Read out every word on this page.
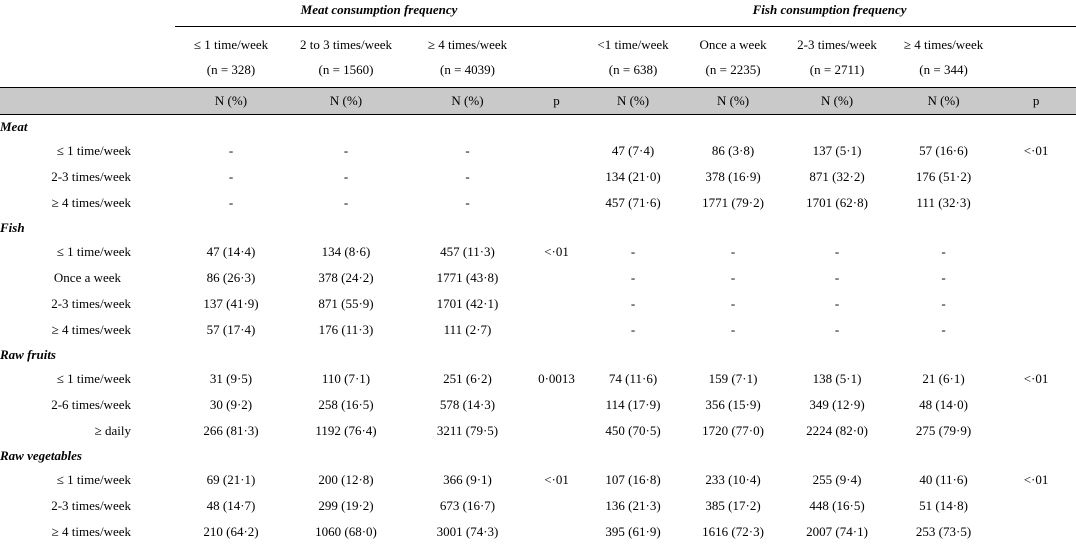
	Meat consumption frequency				Fish consumption frequency				
	≤ 1 time/week	2 to 3 times/week	≥ 4 times/week		<1 time/week	Once a week	2-3 times/week	≥ 4 times/week	
	(n = 328)	(n = 1560)	(n = 4039)		(n = 638)	(n = 2235)	(n = 2711)	(n = 344)	
	N (%)	N (%)	N (%)	p	N (%)	N (%)	N (%)	N (%)	p
Meat									
≤ 1 time/week	-	-	-		47 (7·4)	86 (3·8)	137 (5·1)	57 (16·6)	<·01
2-3 times/week	-	-	-		134 (21·0)	378 (16·9)	871 (32·2)	176 (51·2)	
≥ 4 times/week	-	-	-		457 (71·6)	1771 (79·2)	1701 (62·8)	111 (32·3)	
Fish									
≤ 1 time/week	47 (14·4)	134 (8·6)	457 (11·3)	<·01	-	-	-	-	
Once a week	86 (26·3)	378 (24·2)	1771 (43·8)		-	-	-	-	
2-3 times/week	137 (41·9)	871 (55·9)	1701 (42·1)		-	-	-	-	
≥ 4 times/week	57 (17·4)	176 (11·3)	111 (2·7)		-	-	-	-	
Raw fruits									
≤ 1 time/week	31 (9·5)	110 (7·1)	251 (6·2)	0·0013	74 (11·6)	159 (7·1)	138 (5·1)	21 (6·1)	<·01
2-6 times/week	30 (9·2)	258 (16·5)	578 (14·3)		114 (17·9)	356 (15·9)	349 (12·9)	48 (14·0)	
≥ daily	266 (81·3)	1192 (76·4)	3211 (79·5)		450 (70·5)	1720 (77·0)	2224 (82·0)	275 (79·9)	
Raw vegetables									
≤ 1 time/week	69 (21·1)	200 (12·8)	366 (9·1)	<·01	107 (16·8)	233 (10·4)	255 (9·4)	40 (11·6)	<·01
2-3 times/week	48 (14·7)	299 (19·2)	673 (16·7)		136 (21·3)	385 (17·2)	448 (16·5)	51 (14·8)	
≥ 4 times/week	210 (64·2)	1060 (68·0)	3001 (74·3)		395 (61·9)	1616 (72·3)	2007 (74·1)	253 (73·5)	
